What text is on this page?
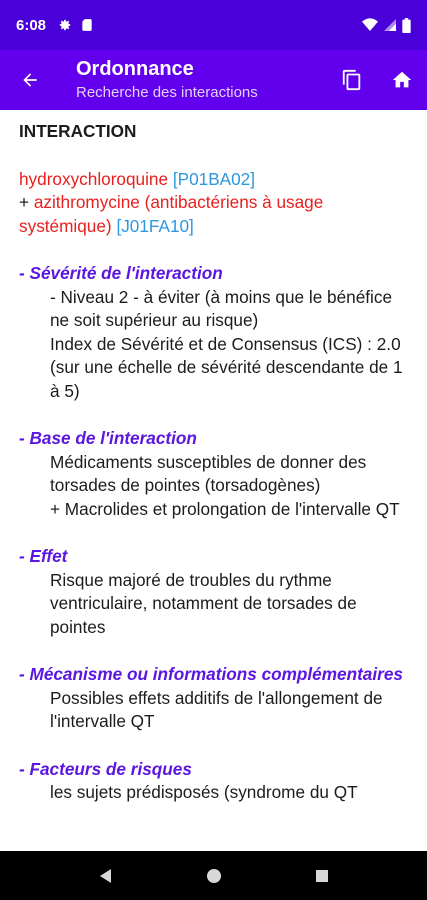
6:08
Ordonnance
Recherche des interactions
INTERACTION
hydroxychloroquine [P01BA02]
+ azithromycine (antibactériens à usage systémique) [J01FA10]
- Sévérité de l'interaction
- Niveau 2 - à éviter (à moins que le bénéfice ne soit supérieur au risque)
Index de Sévérité et de Consensus (ICS) : 2.0 (sur une échelle de sévérité descendante de 1 à 5)
- Base de l'interaction
Médicaments susceptibles de donner des torsades de pointes (torsadogènes)
+ Macrolides et prolongation de l'intervalle QT
- Effet
Risque majoré de troubles du rythme ventriculaire, notamment de torsades de pointes
- Mécanisme ou informations complémentaires
Possibles effets additifs de l'allongement de l'intervalle QT
- Facteurs de risques
les sujets prédisposés (syndrome du QT
